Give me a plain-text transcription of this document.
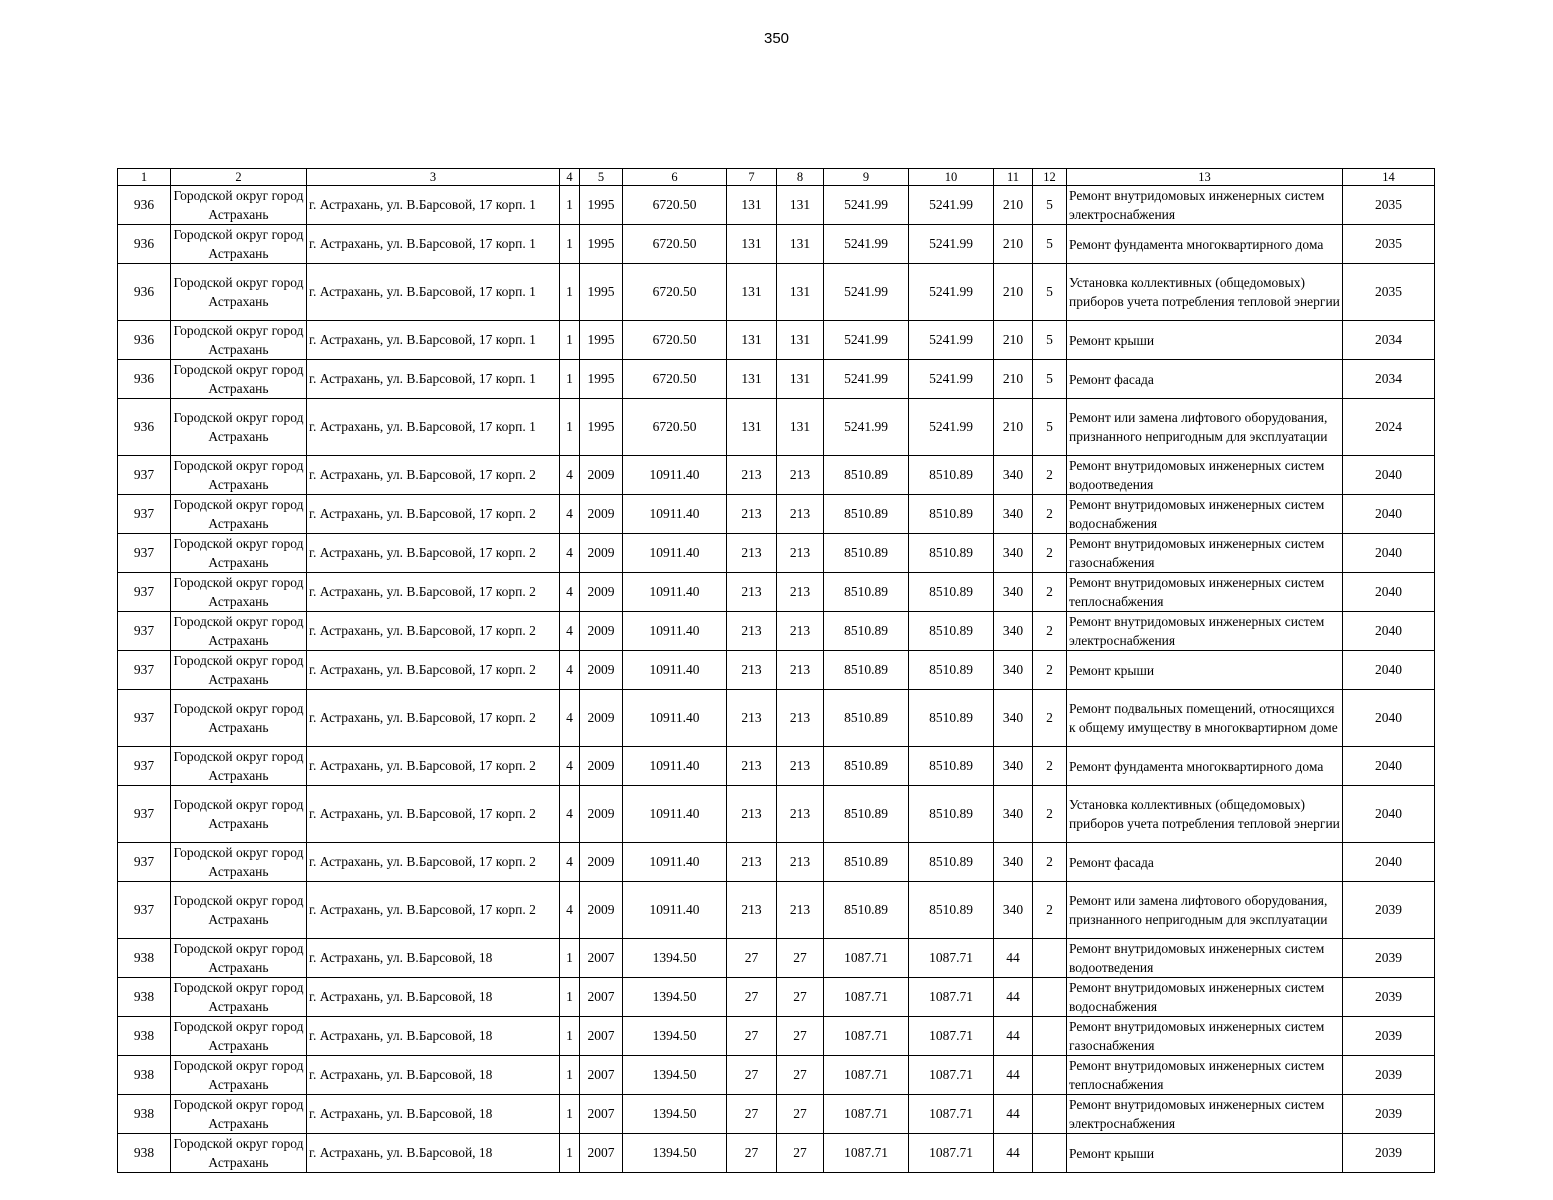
350
1	2	3	4	5	6	7	8	9	10	11	12	13	14

936	Городской округ город Астрахань	г. Астрахань, ул. В.Барсовой, 17 корп. 1	1	1995	6720.50	131	131	5241.99	5241.99	210	5	Ремонт внутридомовых инженерных систем электроснабжения	2035

936	Городской округ город Астрахань	г. Астрахань, ул. В.Барсовой, 17 корп. 1	1	1995	6720.50	131	131	5241.99	5241.99	210	5	Ремонт фундамента многоквартирного дома	2035

936	Городской округ город Астрахань	г. Астрахань, ул. В.Барсовой, 17 корп. 1	1	1995	6720.50	131	131	5241.99	5241.99	210	5	Установка коллективных (общедомовых) приборов учета потребления тепловой энергии	2035

936	Городской округ город Астрахань	г. Астрахань, ул. В.Барсовой, 17 корп. 1	1	1995	6720.50	131	131	5241.99	5241.99	210	5	Ремонт крыши	2034

936	Городской округ город Астрахань	г. Астрахань, ул. В.Барсовой, 17 корп. 1	1	1995	6720.50	131	131	5241.99	5241.99	210	5	Ремонт фасада	2034

936	Городской округ город Астрахань	г. Астрахань, ул. В.Барсовой, 17 корп. 1	1	1995	6720.50	131	131	5241.99	5241.99	210	5	Ремонт или замена лифтового оборудования, признанного непригодным для эксплуатации	2024

937	Городской округ город Астрахань	г. Астрахань, ул. В.Барсовой, 17 корп. 2	4	2009	10911.40	213	213	8510.89	8510.89	340	2	Ремонт внутридомовых инженерных систем водоотведения	2040

937	Городской округ город Астрахань	г. Астрахань, ул. В.Барсовой, 17 корп. 2	4	2009	10911.40	213	213	8510.89	8510.89	340	2	Ремонт внутридомовых инженерных систем водоснабжения	2040

937	Городской округ город Астрахань	г. Астрахань, ул. В.Барсовой, 17 корп. 2	4	2009	10911.40	213	213	8510.89	8510.89	340	2	Ремонт внутридомовых инженерных систем газоснабжения	2040

937	Городской округ город Астрахань	г. Астрахань, ул. В.Барсовой, 17 корп. 2	4	2009	10911.40	213	213	8510.89	8510.89	340	2	Ремонт внутридомовых инженерных систем теплоснабжения	2040

937	Городской округ город Астрахань	г. Астрахань, ул. В.Барсовой, 17 корп. 2	4	2009	10911.40	213	213	8510.89	8510.89	340	2	Ремонт внутридомовых инженерных систем электроснабжения	2040

937	Городской округ город Астрахань	г. Астрахань, ул. В.Барсовой, 17 корп. 2	4	2009	10911.40	213	213	8510.89	8510.89	340	2	Ремонт крыши	2040

937	Городской округ город Астрахань	г. Астрахань, ул. В.Барсовой, 17 корп. 2	4	2009	10911.40	213	213	8510.89	8510.89	340	2	Ремонт подвальных помещений, относящихся к общему имуществу в многоквартирном доме	2040

937	Городской округ город Астрахань	г. Астрахань, ул. В.Барсовой, 17 корп. 2	4	2009	10911.40	213	213	8510.89	8510.89	340	2	Ремонт фундамента многоквартирного дома	2040

937	Городской округ город Астрахань	г. Астрахань, ул. В.Барсовой, 17 корп. 2	4	2009	10911.40	213	213	8510.89	8510.89	340	2	Установка коллективных (общедомовых) приборов учета потребления тепловой энергии	2040

937	Городской округ город Астрахань	г. Астрахань, ул. В.Барсовой, 17 корп. 2	4	2009	10911.40	213	213	8510.89	8510.89	340	2	Ремонт фасада	2040

937	Городской округ город Астрахань	г. Астрахань, ул. В.Барсовой, 17 корп. 2	4	2009	10911.40	213	213	8510.89	8510.89	340	2	Ремонт или замена лифтового оборудования, признанного непригодным для эксплуатации	2039

938	Городской округ город Астрахань	г. Астрахань, ул. В.Барсовой, 18	1	2007	1394.50	27	27	1087.71	1087.71	44		Ремонт внутридомовых инженерных систем водоотведения	2039

938	Городской округ город Астрахань	г. Астрахань, ул. В.Барсовой, 18	1	2007	1394.50	27	27	1087.71	1087.71	44		Ремонт внутридомовых инженерных систем водоснабжения	2039

938	Городской округ город Астрахань	г. Астрахань, ул. В.Барсовой, 18	1	2007	1394.50	27	27	1087.71	1087.71	44		Ремонт внутридомовых инженерных систем газоснабжения	2039

938	Городской округ город Астрахань	г. Астрахань, ул. В.Барсовой, 18	1	2007	1394.50	27	27	1087.71	1087.71	44		Ремонт внутридомовых инженерных систем теплоснабжения	2039

938	Городской округ город Астрахань	г. Астрахань, ул. В.Барсовой, 18	1	2007	1394.50	27	27	1087.71	1087.71	44		Ремонт внутридомовых инженерных систем электроснабжения	2039

938	Городской округ город Астрахань	г. Астрахань, ул. В.Барсовой, 18	1	2007	1394.50	27	27	1087.71	1087.71	44		Ремонт крыши	2039
